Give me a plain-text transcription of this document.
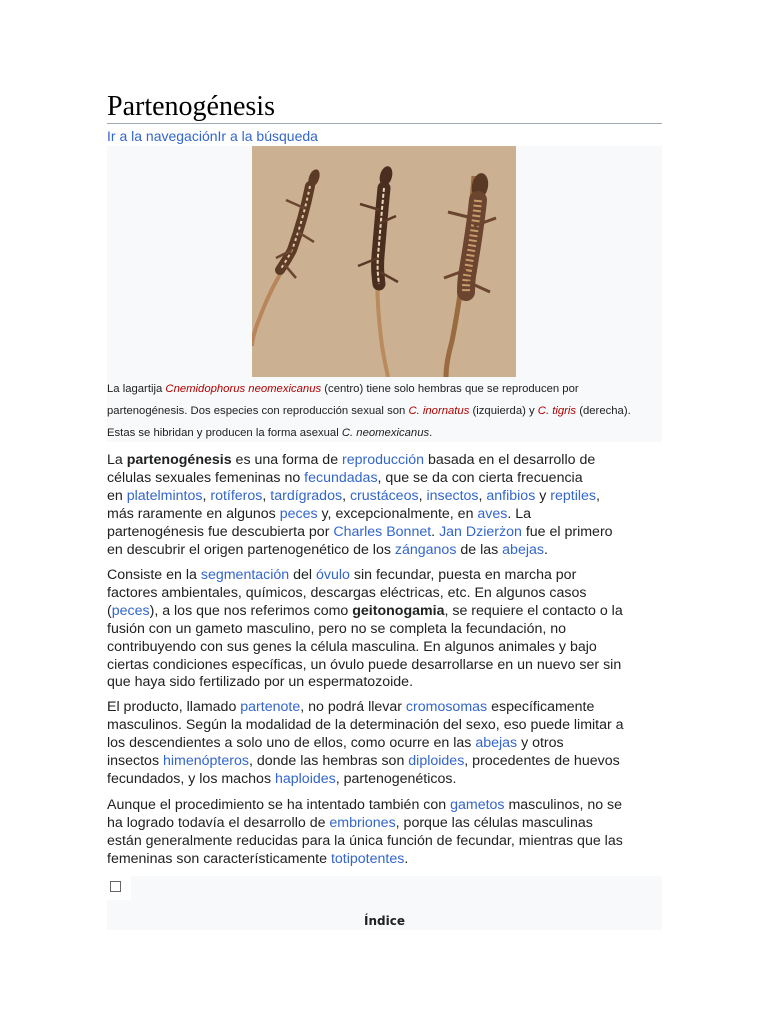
Partenogénesis
Ir a la navegaciónIr a la búsqueda
La lagartija Cnemidophorus neomexicanus (centro) tiene solo hembras que se reproducen por
partenogénesis. Dos especies con reproducción sexual son C. inornatus (izquierda) y C. tigris (derecha).
Estas se hibridan y producen la forma asexual C. neomexicanus.
La partenogénesis es una forma de reproducción basada en el desarrollo de
células sexuales femeninas no fecundadas, que se da con cierta frecuencia
en platelmintos, rotíferos, tardígrados, crustáceos, insectos, anfibios y reptiles,
más raramente en algunos peces y, excepcionalmente, en aves. La
partenogénesis fue descubierta por Charles Bonnet. Jan Dzierżon fue el primero
en descubrir el origen partenogenético de los zánganos de las abejas.
Consiste en la segmentación del óvulo sin fecundar, puesta en marcha por
factores ambientales, químicos, descargas eléctricas, etc. En algunos casos
(peces), a los que nos referimos como geitonogamia, se requiere el contacto o la
fusión con un gameto masculino, pero no se completa la fecundación, no
contribuyendo con sus genes la célula masculina. En algunos animales y bajo
ciertas condiciones específicas, un óvulo puede desarrollarse en un nuevo ser sin
que haya sido fertilizado por un espermatozoide.
El producto, llamado partenote, no podrá llevar cromosomas específicamente
masculinos. Según la modalidad de la determinación del sexo, eso puede limitar a
los descendientes a solo uno de ellos, como ocurre en las abejas y otros
insectos himenópteros, donde las hembras son diploides, procedentes de huevos
fecundados, y los machos haploides, partenogenéticos.
Aunque el procedimiento se ha intentado también con gametos masculinos, no se
ha logrado todavía el desarrollo de embriones, porque las células masculinas
están generalmente reducidas para la única función de fecundar, mientras que las
femeninas son característicamente totipotentes.
Índice
